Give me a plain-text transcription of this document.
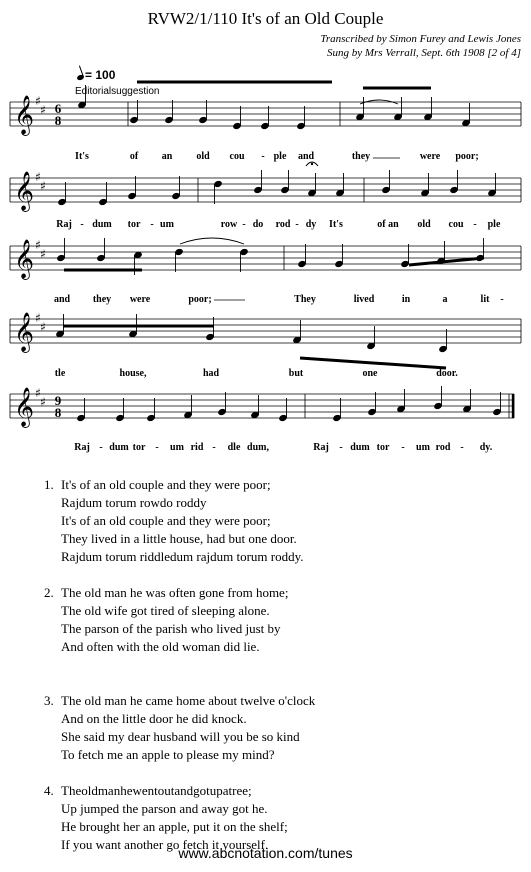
RVW2/1/110 It's of an Old Couple
Transcribed by Simon Furey and Lewis Jones
Sung by Mrs Verrall, Sept. 6th 1908 [2 of 4]
= 100
Editorialsuggestion
𝄞 ♯
♯ 6
8
It's	of an old cou - ple and	they	were poor;
𝄞 ♯
♯
Raj - dum tor - um	row - do rod - dy It's	of an old cou - ple
𝄞 ♯
♯
and they were	poor;	They	lived	in	a	lit -
𝄞 ♯
♯
tle	house,	had	but	one	door.
𝄞 ♯
♯ 9
8
Raj - dum tor - um rid - dle dum,	Raj - dum tor - um rod - dy.
1. It's of an old couple and they were poor;
Rajdum torum rowdo roddy
It's of an old couple and they were poor;
They lived in a little house, had but one door.
Rajdum torum riddledum rajdum torum roddy.
2. The old man he was often gone from home;
The old wife got tired of sleeping alone.
The parson of the parish who lived just by
And often with the old woman did lie.
3. The old man he came home about twelve o'clock
And on the little door he did knock.
She said my dear husband will you be so kind
To fetch me an apple to please my mind?
4. Theoldmanhewentoutandgotupatree;
Up jumped the parson and away got he.
He brought her an apple, put it on the shelf;
If you want another go fetch it yourself.
www.abcnotation.com/tunes
